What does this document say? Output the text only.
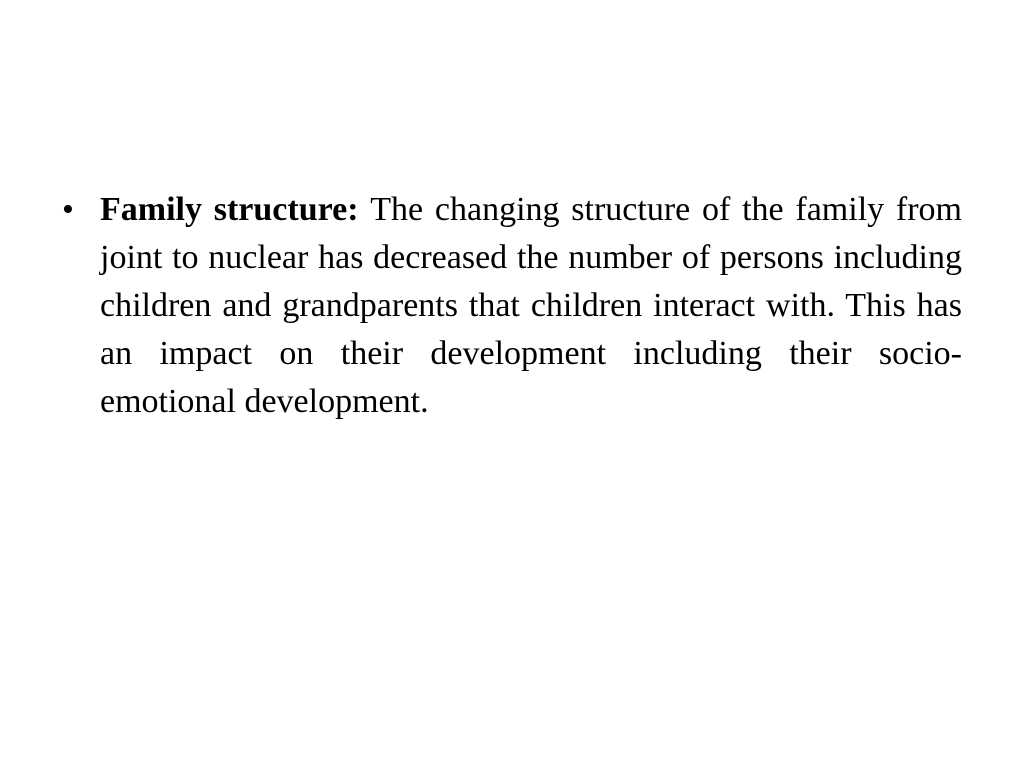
• Family structure: The changing structure of the family from joint to nuclear has decreased the number of persons including children and grandparents that children interact with. This has an impact on their development including their socio- emotional development.
